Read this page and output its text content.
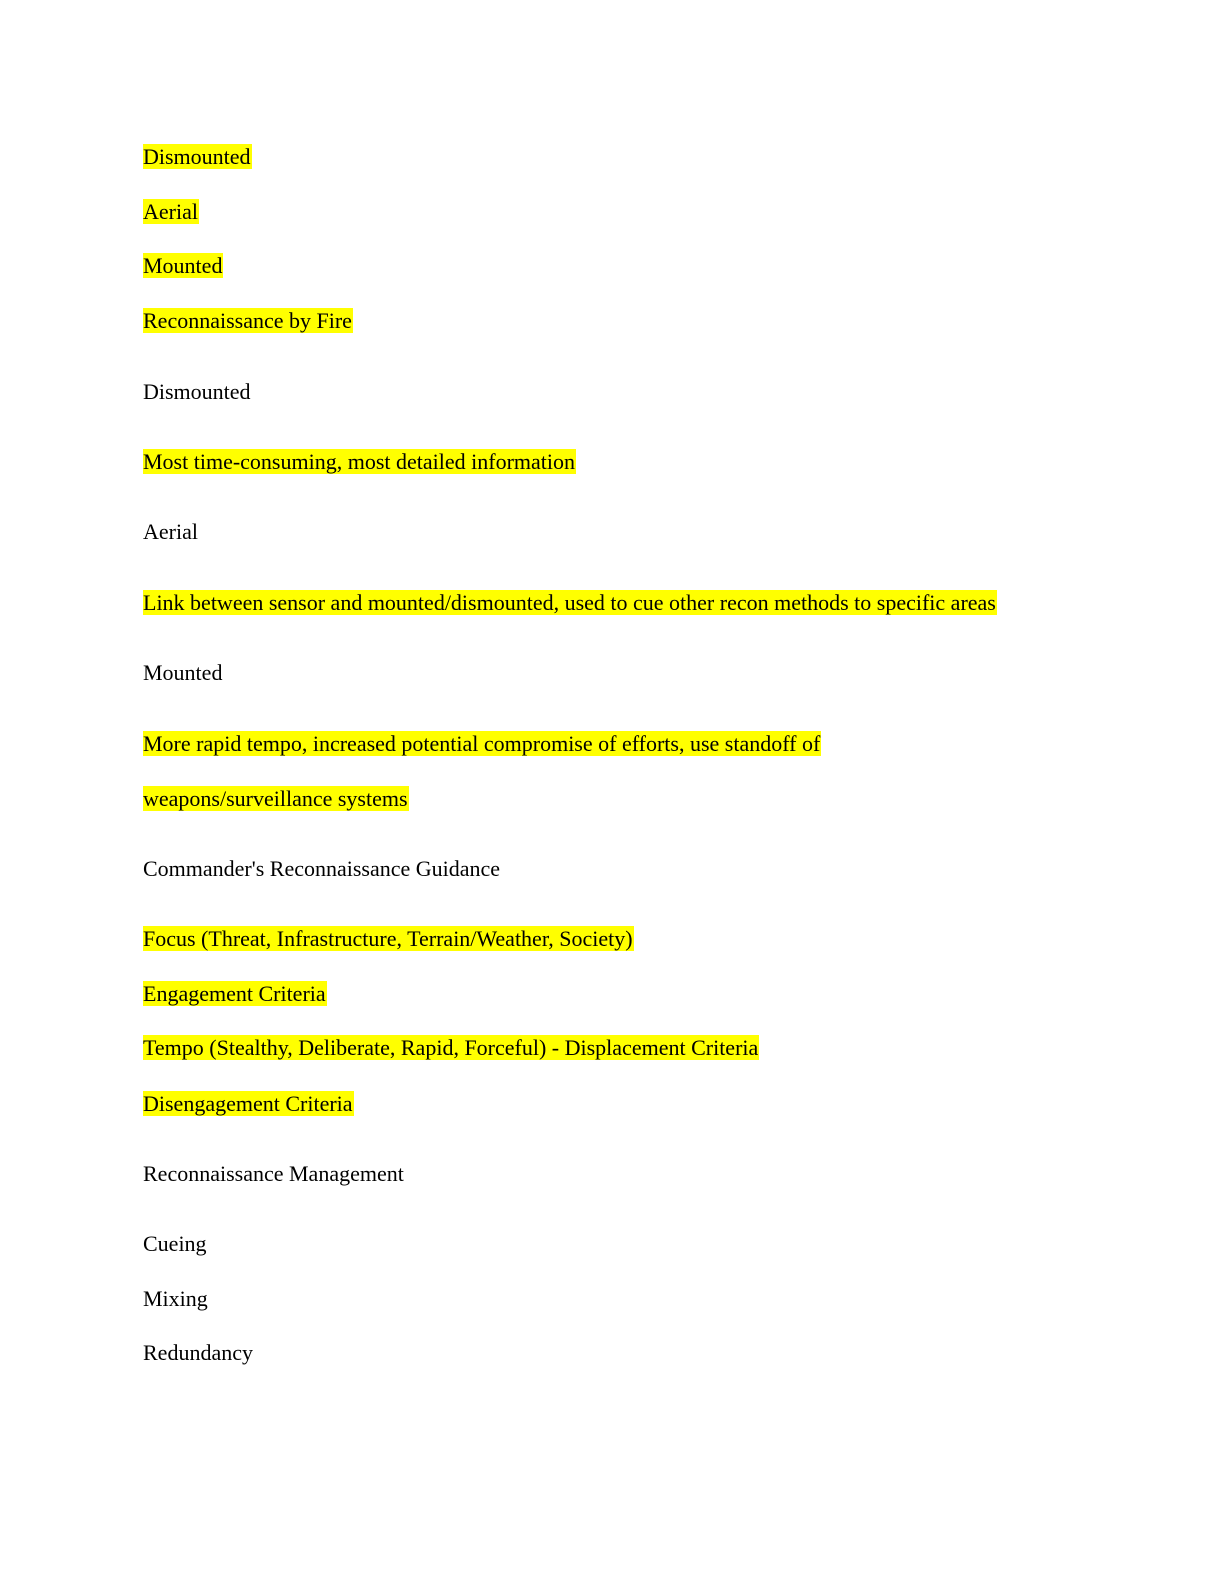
Dismounted
Aerial
Mounted
Reconnaissance by Fire
Dismounted
Most time-consuming, most detailed information
Aerial
Link between sensor and mounted/dismounted, used to cue other recon methods to specific areas
Mounted
More rapid tempo, increased potential compromise of efforts, use standoff of
weapons/surveillance systems
Commander's Reconnaissance Guidance
Focus (Threat, Infrastructure, Terrain/Weather, Society)
Engagement Criteria
Tempo (Stealthy, Deliberate, Rapid, Forceful) - Displacement Criteria
Disengagement Criteria
Reconnaissance Management
Cueing
Mixing
Redundancy
